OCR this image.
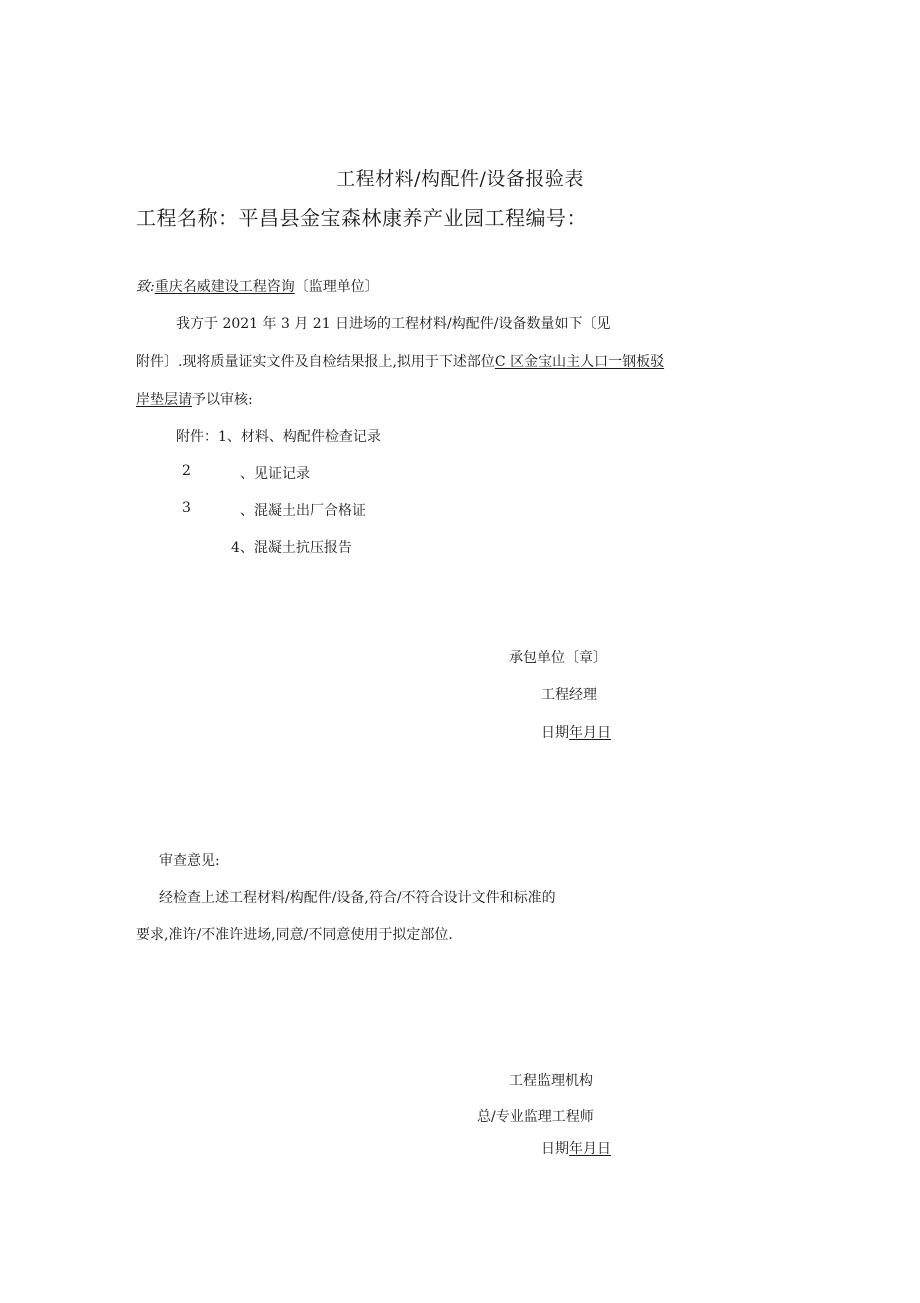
工程材料/构配件/设备报验表
工程名称：平昌县金宝森林康养产业园工程编号：
致:重庆名威建设工程咨询〔监理单位〕
我方于 2021 年 3 月 21 日进场的工程材料/构配件/设备数量如下〔见
附件〕.现将质量证实文件及自检结果报上,拟用于下述部位C 区金宝山主人口一钢板驳
岸垫层请予以审核:
附件：1、材料、构配件检查记录
2	、见证记录
3	、混凝土出厂合格证
4、混凝土抗压报告
承包单位〔章〕
工程经理
日期年月日
审查意见:
经检查上述工程材料/构配件/设备,符合/不符合设计文件和标准的
要求,准许/不准许进场,同意/不同意使用于拟定部位.
工程监理机构
总/专业监理工程师
日期年月日
